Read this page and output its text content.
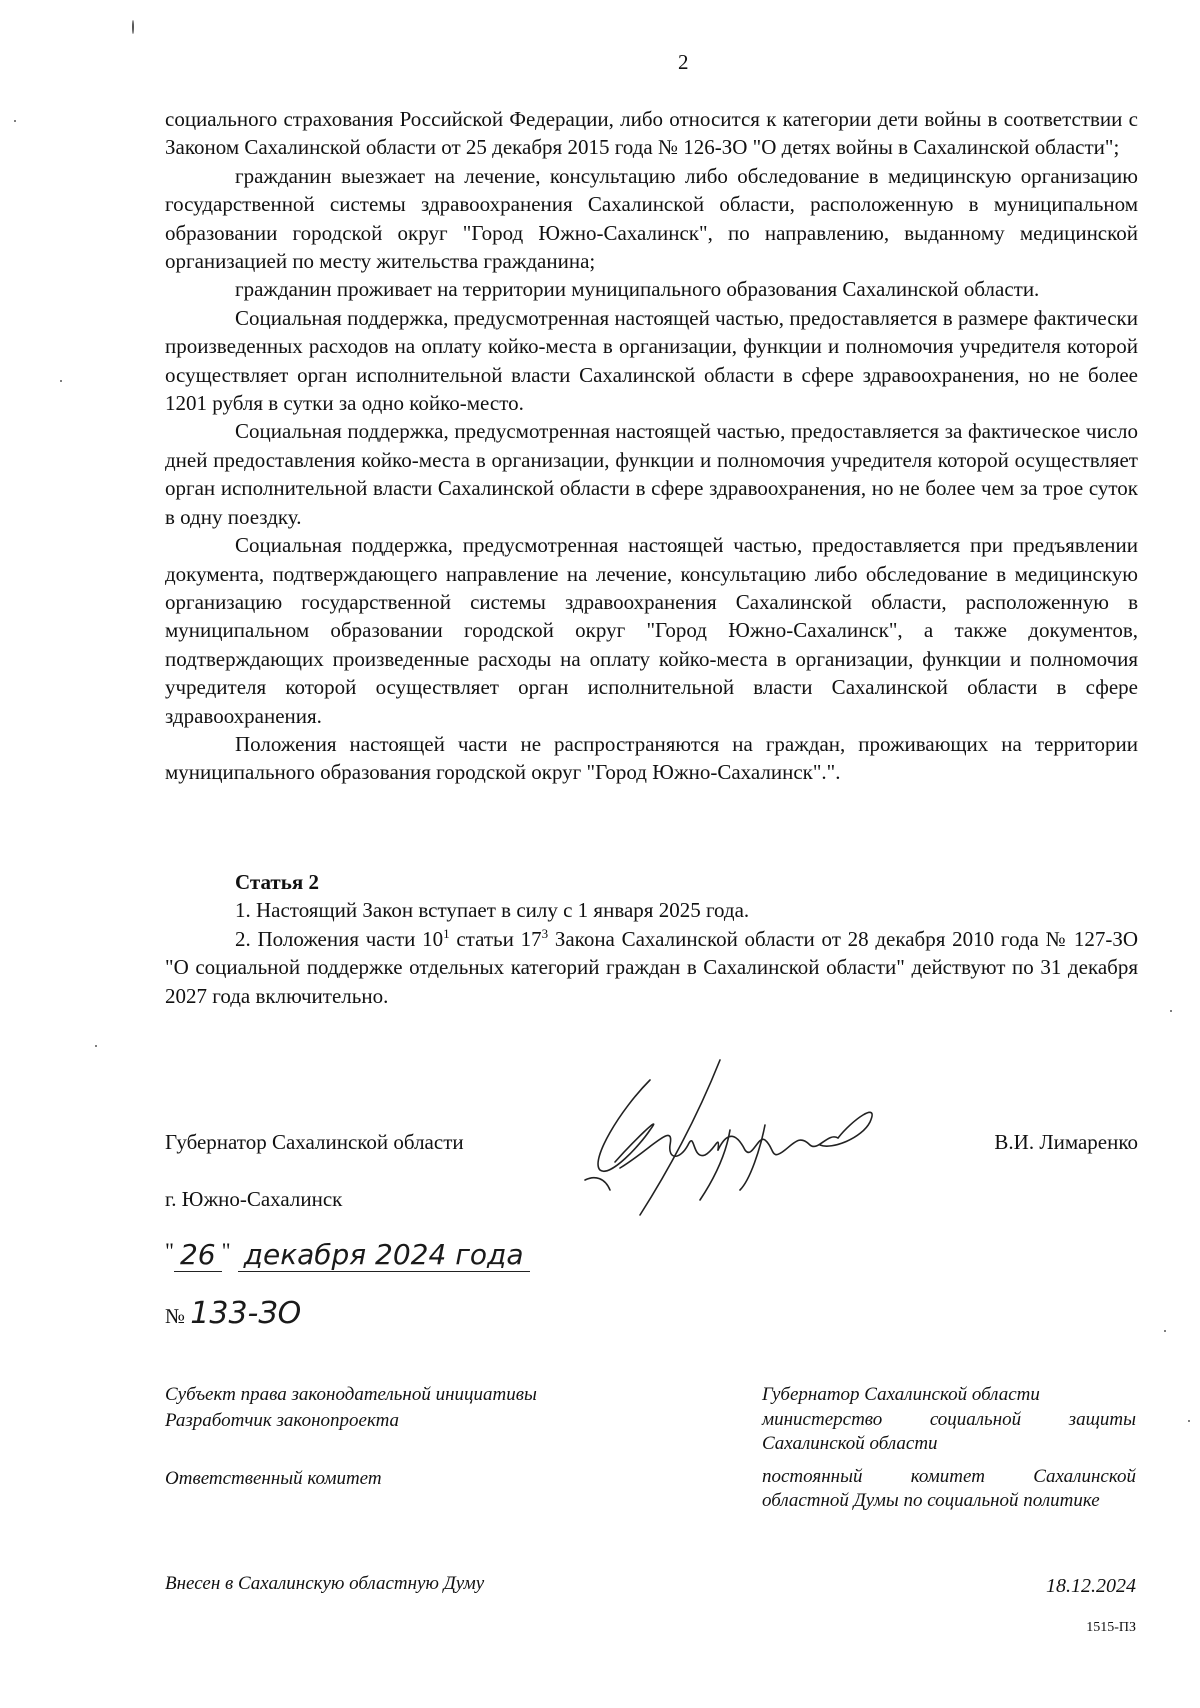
2

социального страхования Российской Федерации, либо относится к категории дети войны в соответствии с Законом Сахалинской области от 25 декабря 2015 года № 126-ЗО "О детях войны в Сахалинской области";

гражданин выезжает на лечение, консультацию либо обследование в медицинскую организацию государственной системы здравоохранения Сахалинской области, расположенную в муниципальном образовании городской округ "Город Южно-Сахалинск", по направлению, выданному медицинской организацией по месту жительства гражданина;

гражданин проживает на территории муниципального образования Сахалинской области.

Социальная поддержка, предусмотренная настоящей частью, предоставляется в размере фактически произведенных расходов на оплату койко-места в организации, функции и полномочия учредителя которой осуществляет орган исполнительной власти Сахалинской области в сфере здравоохранения, но не более 1201 рубля в сутки за одно койко-место.

Социальная поддержка, предусмотренная настоящей частью, предоставляется за фактическое число дней предоставления койко-места в организации, функции и полномочия учредителя которой осуществляет орган исполнительной власти Сахалинской области в сфере здравоохранения, но не более чем за трое суток в одну поездку.

Социальная поддержка, предусмотренная настоящей частью, предоставляется при предъявлении документа, подтверждающего направление на лечение, консультацию либо обследование в медицинскую организацию государственной системы здравоохранения Сахалинской области, расположенную в муниципальном образовании городской округ "Город Южно-Сахалинск", а также документов, подтверждающих произведенные расходы на оплату койко-места в организации, функции и полномочия учредителя которой осуществляет орган исполнительной власти Сахалинской области в сфере здравоохранения.

Положения настоящей части не распространяются на граждан, проживающих на территории муниципального образования городской округ "Город Южно-Сахалинск".".

Статья 2

1. Настоящий Закон вступает в силу с 1 января 2025 года.

2. Положения части $10^1$ статьи $17^3$ Закона Сахалинской области от 28 декабря 2010 года № 127-ЗО "О социальной поддержке отдельных категорий граждан в Сахалинской области" действуют по 31 декабря 2027 года включительно.

Губернатор Сахалинской области	В.И. Лимаренко
г. Южно-Сахалинск
" 26 " декабря 2024 года
№ 133-ЗО
Субъект права законодательной инициативы
Разработчик законопроекта
Ответственный комитет
Внесен в Сахалинскую областную Думу

Губернатор Сахалинской области

министерство социальной защиты Сахалинской области

постоянный комитет Сахалинской областной Думы по социальной политике

18.12.2024
1515-ПЗ
